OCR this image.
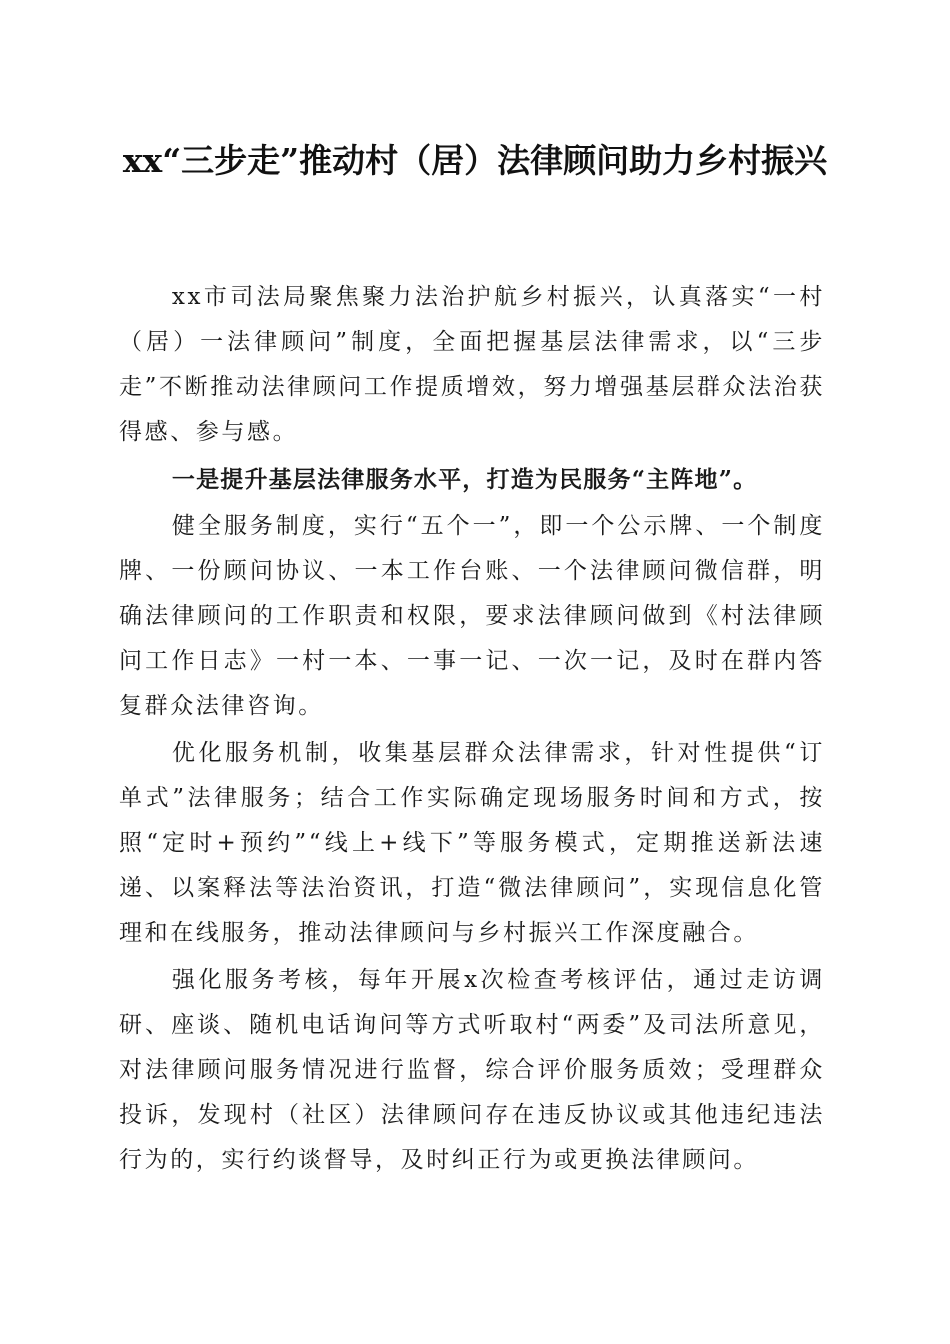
xx“三步走”推动村（居）法律顾问助力乡村振兴

xx市司法局聚焦聚力法治护航乡村振兴，认真落实“一村（居）一法律顾问”制度，全面把握基层法律需求，以“三步走”不断推动法律顾问工作提质增效，努力增强基层群众法治获得感、参与感。

一是提升基层法律服务水平，打造为民服务“主阵地”。

健全服务制度，实行“五个一”，即一个公示牌、一个制度牌、一份顾问协议、一本工作台账、一个法律顾问微信群，明确法律顾问的工作职责和权限，要求法律顾问做到《村法律顾问工作日志》一村一本、一事一记、一次一记，及时在群内答复群众法律咨询。

优化服务机制，收集基层群众法律需求，针对性提供“订单式”法律服务；结合工作实际确定现场服务时间和方式，按照“定时+预约”“线上+线下”等服务模式，定期推送新法速递、以案释法等法治资讯，打造“微法律顾问”，实现信息化管理和在线服务，推动法律顾问与乡村振兴工作深度融合。

强化服务考核，每年开展x次检查考核评估，通过走访调研、座谈、随机电话询问等方式听取村“两委”及司法所意见，对法律顾问服务情况进行监督，综合评价服务质效；受理群众投诉，发现村（社区）法律顾问存在违反协议或其他违纪违法行为的，实行约谈督导，及时纠正行为或更换法律顾问。
